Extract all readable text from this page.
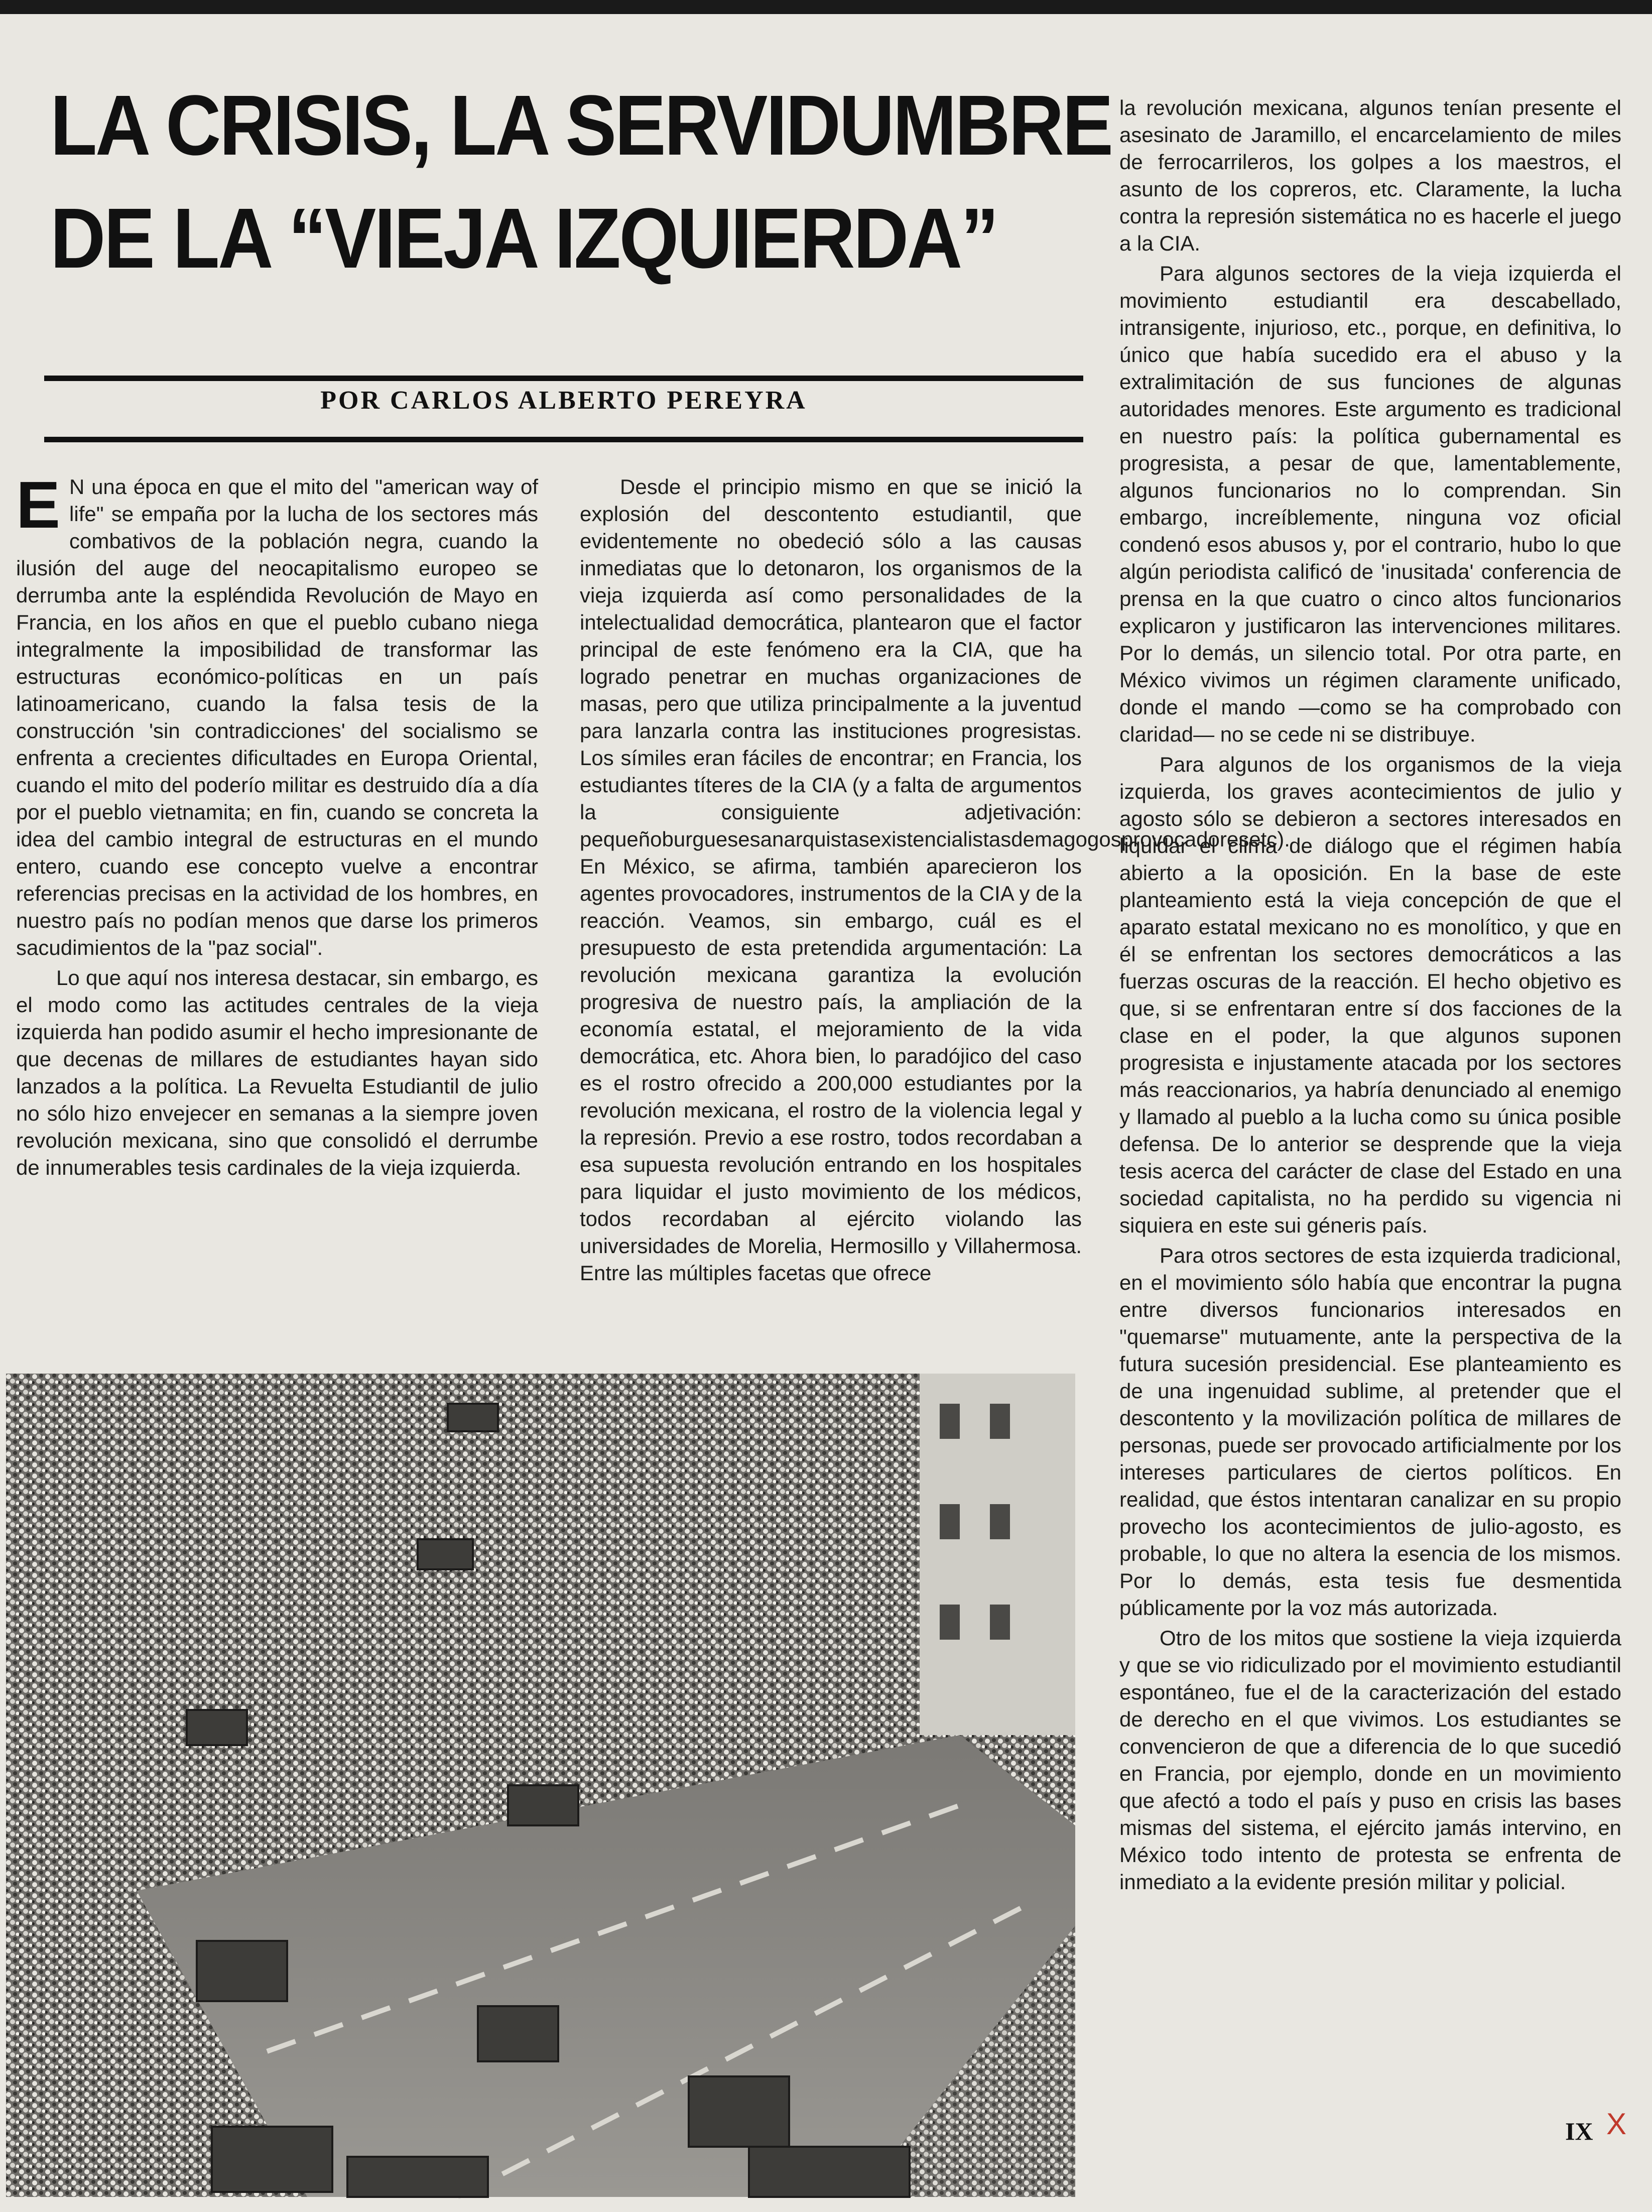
LA CRISIS, LA SERVIDUMBRE
DE LA “VIEJA IZQUIERDA”
POR CARLOS ALBERTO PEREYRA

E N una época en que el mito del "american way of life" se empaña por la lucha de los sectores más combativos de la población negra, cuando la ilusión del auge del neocapitalismo europeo se derrumba ante la espléndida Revolución de Mayo en Francia, en los años en que el pueblo cubano niega integralmente la imposibilidad de transformar las estructuras económico-políticas en un país latinoamericano, cuando la falsa tesis de la construcción 'sin contradicciones' del socialismo se enfrenta a crecientes dificultades en Europa Oriental, cuando el mito del poderío militar es destruido día a día por el pueblo vietnamita; en fin, cuando se concreta la idea del cambio integral de estructuras en el mundo entero, cuando ese concepto vuelve a encontrar referencias precisas en la actividad de los hombres, en nuestro país no podían menos que darse los primeros sacudimientos de la "paz social".

Lo que aquí nos interesa destacar, sin embargo, es el modo como las actitudes centrales de la vieja izquierda han podido asumir el hecho impresionante de que decenas de millares de estudiantes hayan sido lanzados a la política. La Revuelta Estudiantil de julio no sólo hizo envejecer en semanas a la siempre joven revolución mexicana, sino que consolidó el derrumbe de innumerables tesis cardinales de la vieja izquierda.

Desde el principio mismo en que se inició la explosión del descontento estudiantil, que evidentemente no obedeció sólo a las causas inmediatas que lo detonaron, los organismos de la vieja izquierda así como personalidades de la intelectualidad democrática, plantearon que el factor principal de este fenómeno era la CIA, que ha logrado penetrar en muchas organizaciones de masas, pero que utiliza principalmente a la juventud para lanzarla contra las instituciones progresistas. Los símiles eran fáciles de encontrar; en Francia, los estudiantes títeres de la CIA (y a falta de argumentos la consiguiente adjetivación: pequeñoburguesesanarquistasexistencialistasdemagogosprovocadoresetc). En México, se afirma, también aparecieron los agentes provocadores, instrumentos de la CIA y de la reacción. Veamos, sin embargo, cuál es el presupuesto de esta pretendida argumentación: La revolución mexicana garantiza la evolución progresiva de nuestro país, la ampliación de la economía estatal, el mejoramiento de la vida democrática, etc. Ahora bien, lo paradójico del caso es el rostro ofrecido a 200,000 estudiantes por la revolución mexicana, el rostro de la violencia legal y la represión. Previo a ese rostro, todos recordaban a esa supuesta revolución entrando en los hospitales para liquidar el justo movimiento de los médicos, todos recordaban al ejército violando las universidades de Morelia, Hermosillo y Villahermosa. Entre las múltiples facetas que ofrece

la revolución mexicana, algunos tenían presente el asesinato de Jaramillo, el encarcelamiento de miles de ferrocarrileros, los golpes a los maestros, el asunto de los copreros, etc. Claramente, la lucha contra la represión sistemática no es hacerle el juego a la CIA.

Para algunos sectores de la vieja izquierda el movimiento estudiantil era descabellado, intransigente, injurioso, etc., porque, en definitiva, lo único que había sucedido era el abuso y la extralimitación de sus funciones de algunas autoridades menores. Este argumento es tradicional en nuestro país: la política gubernamental es progresista, a pesar de que, lamentablemente, algunos funcionarios no lo comprendan. Sin embargo, increíblemente, ninguna voz oficial condenó esos abusos y, por el contrario, hubo lo que algún periodista calificó de 'inusitada' conferencia de prensa en la que cuatro o cinco altos funcionarios explicaron y justificaron las intervenciones militares. Por lo demás, un silencio total. Por otra parte, en México vivimos un régimen claramente unificado, donde el mando —como se ha comprobado con claridad— no se cede ni se distribuye.

Para algunos de los organismos de la vieja izquierda, los graves acontecimientos de julio y agosto sólo se debieron a sectores interesados en liquidar el clima de diálogo que el régimen había abierto a la oposición. En la base de este planteamiento está la vieja concepción de que el aparato estatal mexicano no es monolítico, y que en él se enfrentan los sectores democráticos a las fuerzas oscuras de la reacción. El hecho objetivo es que, si se enfrentaran entre sí dos facciones de la clase en el poder, la que algunos suponen progresista e injustamente atacada por los sectores más reaccionarios, ya habría denunciado al enemigo y llamado al pueblo a la lucha como su única posible defensa. De lo anterior se desprende que la vieja tesis acerca del carácter de clase del Estado en una sociedad capitalista, no ha perdido su vigencia ni siquiera en este sui géneris país.

Para otros sectores de esta izquierda tradicional, en el movimiento sólo había que encontrar la pugna entre diversos funcionarios interesados en "quemarse" mutuamente, ante la perspectiva de la futura sucesión presidencial. Ese planteamiento es de una ingenuidad sublime, al pretender que el descontento y la movilización política de millares de personas, puede ser provocado artificialmente por los intereses particulares de ciertos políticos. En realidad, que éstos intentaran canalizar en su propio provecho los acontecimientos de julio-agosto, es probable, lo que no altera la esencia de los mismos. Por lo demás, esta tesis fue desmentida públicamente por la voz más autorizada.

Otro de los mitos que sostiene la vieja izquierda y que se vio ridiculizado por el movimiento estudiantil espontáneo, fue el de la caracterización del estado de derecho en el que vivimos. Los estudiantes se convencieron de que a diferencia de lo que sucedió en Francia, por ejemplo, donde en un movimiento que afectó a todo el país y puso en crisis las bases mismas del sistema, el ejército jamás intervino, en México todo intento de protesta se enfrenta de inmediato a la evidente presión militar y policial.

IX X
